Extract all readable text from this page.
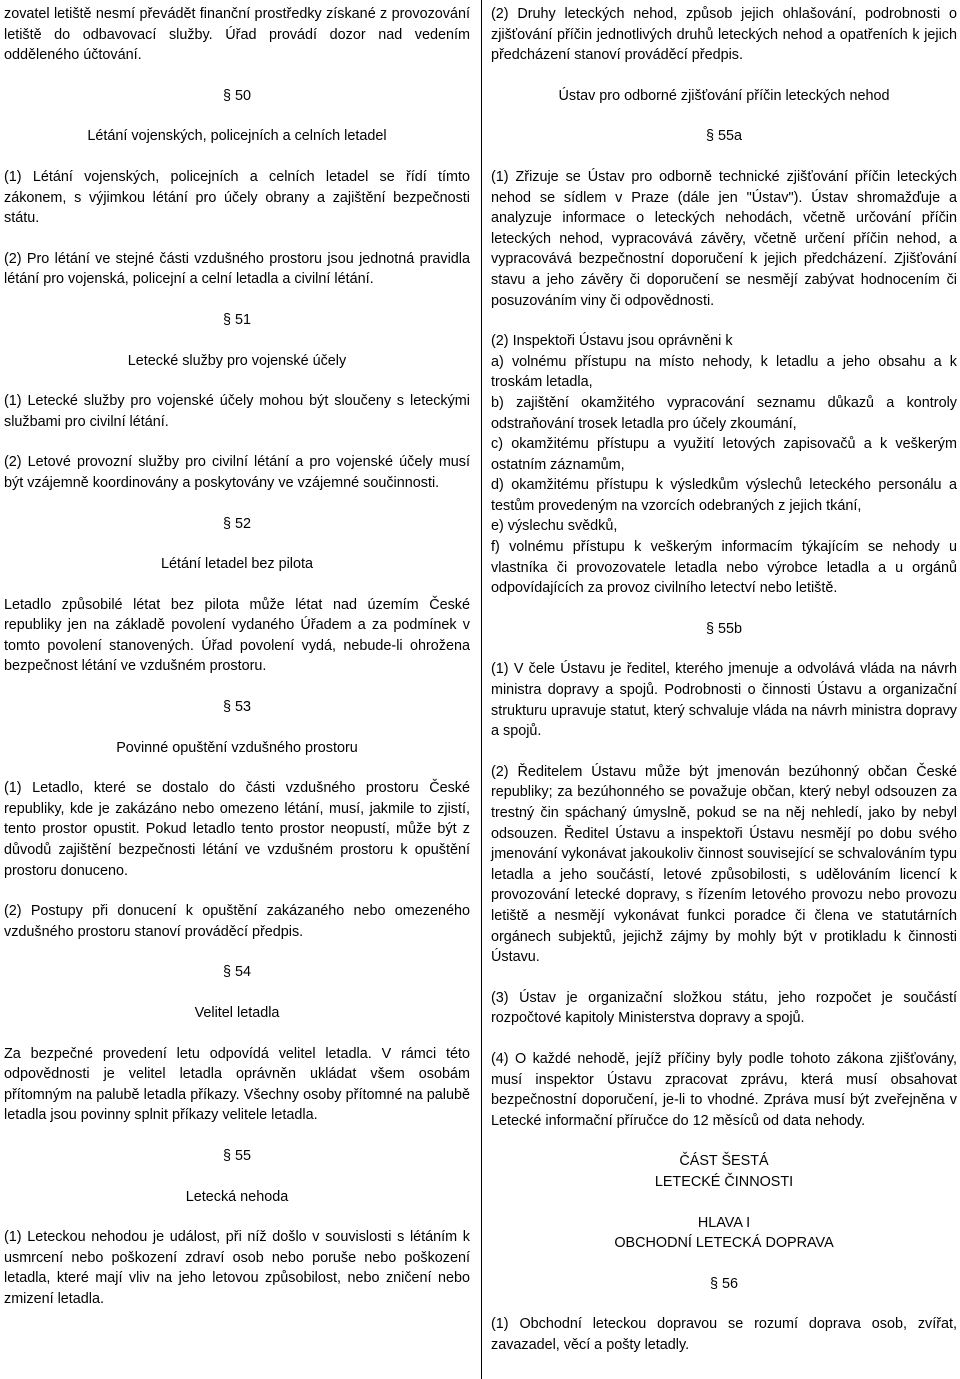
zovatel letiště nesmí převádět finanční prostředky získané z provozování letiště do odbavovací služby. Úřad provádí dozor nad vedením odděleného účtování.

§ 50

Létání vojenských, policejních a celních letadel

(1) Létání vojenských, policejních a celních letadel se řídí tímto zákonem, s výjimkou létání pro účely obrany a zajištění bezpečnosti státu.

(2) Pro létání ve stejné části vzdušného prostoru jsou jednotná pravidla létání pro vojenská, policejní a celní letadla a civilní létání.

§ 51

Letecké služby pro vojenské účely

(1) Letecké služby pro vojenské účely mohou být sloučeny s leteckými službami pro civilní létání.

(2) Letové provozní služby pro civilní létání a pro vojenské účely musí být vzájemně koordinovány a poskytovány ve vzájemné součinnosti.

§ 52

Létání letadel bez pilota

Letadlo způsobilé létat bez pilota může létat nad územím České republiky jen na základě povolení vydaného Úřadem a za podmínek v tomto povolení stanovených. Úřad povolení vydá, nebude-li ohrožena bezpečnost létání ve vzdušném prostoru.

§ 53

Povinné opuštění vzdušného prostoru

(1) Letadlo, které se dostalo do části vzdušného prostoru České republiky, kde je zakázáno nebo omezeno létání, musí, jakmile to zjistí, tento prostor opustit. Pokud letadlo tento prostor neopustí, může být z důvodů zajištění bezpečnosti létání ve vzdušném prostoru k opuštění prostoru donuceno.

(2) Postupy při donucení k opuštění zakázaného nebo omezeného vzdušného prostoru stanoví prováděcí předpis.

§ 54

Velitel letadla

Za bezpečné provedení letu odpovídá velitel letadla. V rámci této odpovědnosti je velitel letadla oprávněn ukládat všem osobám přítomným na palubě letadla příkazy. Všechny osoby přítomné na palubě letadla jsou povinny splnit příkazy velitele letadla.

§ 55

Letecká nehoda

(1) Leteckou nehodou je událost, při níž došlo v souvislosti s létáním k usmrcení nebo poškození zdraví osob nebo poruše nebo poškození letadla, které mají vliv na jeho letovou způsobilost, nebo zničení nebo zmizení letadla.

(2) Druhy leteckých nehod, způsob jejich ohlašování, podrobnosti o zjišťování příčin jednotlivých druhů leteckých nehod a opatřeních k jejich předcházení stanoví prováděcí předpis.

Ústav pro odborné zjišťování příčin leteckých nehod

§ 55a

(1) Zřizuje se Ústav pro odborně technické zjišťování příčin leteckých nehod se sídlem v Praze (dále jen "Ústav"). Ústav shromažďuje a analyzuje informace o leteckých nehodách, včetně určování příčin leteckých nehod, vypracovává závěry, včetně určení příčin nehod, a vypracovává bezpečnostní doporučení k jejich předcházení. Zjišťování stavu a jeho závěry či doporučení se nesmějí zabývat hodnocením či posuzováním viny či odpovědnosti.

(2) Inspektoři Ústavu jsou oprávněni k

a) volnému přístupu na místo nehody, k letadlu a jeho obsahu a k troskám letadla,

b) zajištění okamžitého vypracování seznamu důkazů a kontroly odstraňování trosek letadla pro účely zkoumání,

c) okamžitému přístupu a využití letových zapisovačů a k veškerým ostatním záznamům,

d) okamžitému přístupu k výsledkům výslechů leteckého personálu a testům provedeným na vzorcích odebraných z jejich tkání,

e) výslechu svědků,

f) volnému přístupu k veškerým informacím týkajícím se nehody u vlastníka či provozovatele letadla nebo výrobce letadla a u orgánů odpovídajících za provoz civilního letectví nebo letiště.

§ 55b

(1) V čele Ústavu je ředitel, kterého jmenuje a odvolává vláda na návrh ministra dopravy a spojů. Podrobnosti o činnosti Ústavu a organizační strukturu upravuje statut, který schvaluje vláda na návrh ministra dopravy a spojů.

(2) Ředitelem Ústavu může být jmenován bezúhonný občan České republiky; za bezúhonného se považuje občan, který nebyl odsouzen za trestný čin spáchaný úmyslně, pokud se na něj nehledí, jako by nebyl odsouzen. Ředitel Ústavu a inspektoři Ústavu nesmějí po dobu svého jmenování vykonávat jakoukoliv činnost související se schvalováním typu letadla a jeho součástí, letové způsobilosti, s udělováním licencí k provozování letecké dopravy, s řízením letového provozu nebo provozu letiště a nesmějí vykonávat funkci poradce či člena ve statutárních orgánech subjektů, jejichž zájmy by mohly být v protikladu k činnosti Ústavu.

(3) Ústav je organizační složkou státu, jeho rozpočet je součástí rozpočtové kapitoly Ministerstva dopravy a spojů.

(4) O každé nehodě, jejíž příčiny byly podle tohoto zákona zjišťovány, musí inspektor Ústavu zpracovat zprávu, která musí obsahovat bezpečnostní doporučení, je-li to vhodné. Zpráva musí být zveřejněna v Letecké informační příručce do 12 měsíců od data nehody.

ČÁST ŠESTÁ

LETECKÉ ČINNOSTI

HLAVA I

OBCHODNÍ LETECKÁ DOPRAVA

§ 56

(1) Obchodní leteckou dopravou se rozumí doprava osob, zvířat, zavazadel, věcí a pošty letadly.
